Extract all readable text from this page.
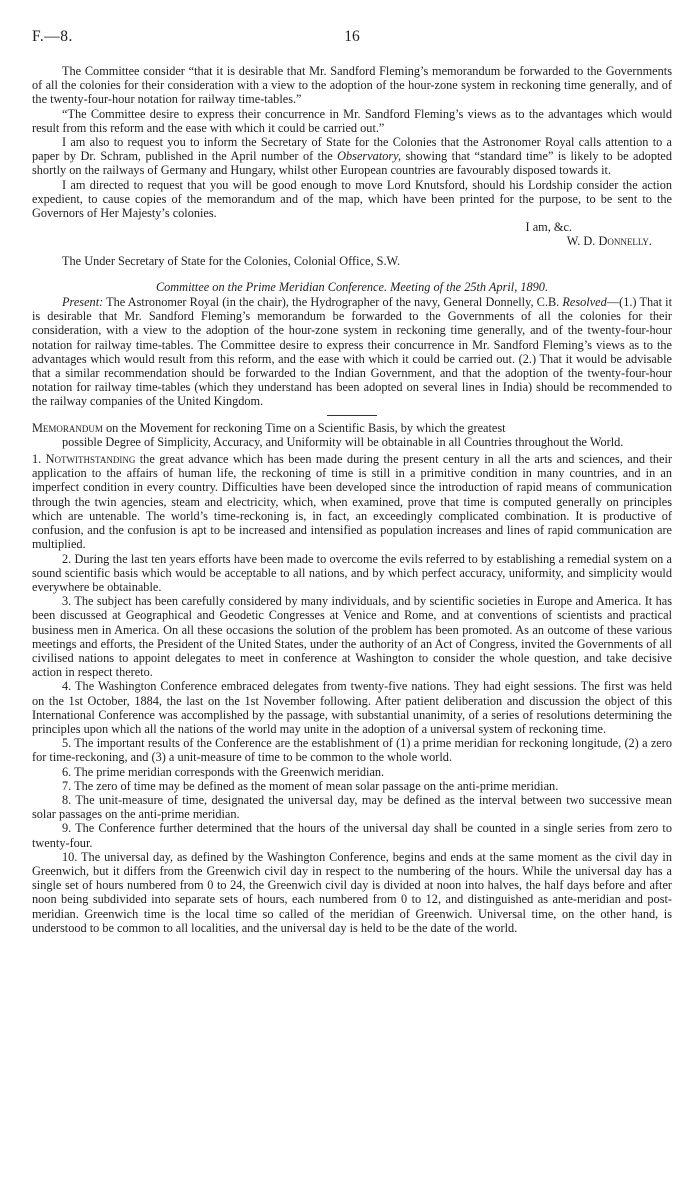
F.—8.	16

The Committee consider “that it is desirable that Mr. Sandford Fleming’s memorandum be forwarded to the Governments of all the colonies for their consideration with a view to the adoption of the hour-zone system in reckoning time generally, and of the twenty-four-hour notation for railway time-tables.”

“The Committee desire to express their concurrence in Mr. Sandford Fleming’s views as to the advantages which would result from this reform and the ease with which it could be carried out.”

I am also to request you to inform the Secretary of State for the Colonies that the Astronomer Royal calls attention to a paper by Dr. Schram, published in the April number of the Observatory, showing that “standard time” is likely to be adopted shortly on the railways of Germany and Hungary, whilst other European countries are favourably disposed towards it.

I am directed to request that you will be good enough to move Lord Knutsford, should his Lordship consider the action expedient, to cause copies of the memorandum and of the map, which have been printed for the purpose, to be sent to the Governors of Her Majesty’s colonies.

I am, &c.

W. D. Donnelly.

The Under Secretary of State for the Colonies, Colonial Office, S.W.

Committee on the Prime Meridian Conference. Meeting of the 25th April, 1890.

Present: The Astronomer Royal (in the chair), the Hydrographer of the navy, General Donnelly, C.B. Resolved—(1.) That it is desirable that Mr. Sandford Fleming’s memorandum be forwarded to the Governments of all the colonies for their consideration, with a view to the adoption of the hour-zone system in reckoning time generally, and of the twenty-four-hour notation for railway time-tables. The Committee desire to express their concurrence in Mr. Sandford Fleming’s views as to the advantages which would result from this reform, and the ease with which it could be carried out. (2.) That it would be advisable that a similar recommendation should be forwarded to the Indian Government, and that the adoption of the twenty-four-hour notation for railway time-tables (which they understand has been adopted on several lines in India) should be recommended to the railway companies of the United Kingdom.

Memorandum on the Movement for reckoning Time on a Scientific Basis, by which the greatest
possible Degree of Simplicity, Accuracy, and Uniformity will be obtainable in all Countries throughout the World.

1. Notwithstanding the great advance which has been made during the present century in all the arts and sciences, and their application to the affairs of human life, the reckoning of time is still in a primitive condition in many countries, and in an imperfect condition in every country. Difficulties have been developed since the introduction of rapid means of communication through the twin agencies, steam and electricity, which, when examined, prove that time is computed generally on principles which are untenable. The world’s time-reckoning is, in fact, an exceedingly complicated combination. It is productive of confusion, and the confusion is apt to be increased and intensified as population increases and lines of rapid communication are multiplied.

2. During the last ten years efforts have been made to overcome the evils referred to by establishing a remedial system on a sound scientific basis which would be acceptable to all nations, and by which perfect accuracy, uniformity, and simplicity would everywhere be obtainable.

3. The subject has been carefully considered by many individuals, and by scientific societies in Europe and America. It has been discussed at Geographical and Geodetic Congresses at Venice and Rome, and at conventions of scientists and practical business men in America. On all these occasions the solution of the problem has been promoted. As an outcome of these various meetings and efforts, the President of the United States, under the authority of an Act of Congress, invited the Governments of all civilised nations to appoint delegates to meet in conference at Washington to consider the whole question, and take decisive action in respect thereto.

4. The Washington Conference embraced delegates from twenty-five nations. They had eight sessions. The first was held on the 1st October, 1884, the last on the 1st November following. After patient deliberation and discussion the object of this International Conference was accomplished by the passage, with substantial unanimity, of a series of resolutions determining the principles upon which all the nations of the world may unite in the adoption of a universal system of reckoning time.

5. The important results of the Conference are the establishment of (1) a prime meridian for reckoning longitude, (2) a zero for time-reckoning, and (3) a unit-measure of time to be common to the whole world.

6. The prime meridian corresponds with the Greenwich meridian.

7. The zero of time may be defined as the moment of mean solar passage on the anti-prime meridian.

8. The unit-measure of time, designated the universal day, may be defined as the interval between two successive mean solar passages on the anti-prime meridian.

9. The Conference further determined that the hours of the universal day shall be counted in a single series from zero to twenty-four.

10. The universal day, as defined by the Washington Conference, begins and ends at the same moment as the civil day in Greenwich, but it differs from the Greenwich civil day in respect to the numbering of the hours. While the universal day has a single set of hours numbered from 0 to 24, the Greenwich civil day is divided at noon into halves, the half days before and after noon being subdivided into separate sets of hours, each numbered from 0 to 12, and distinguished as ante-meridian and post-meridian. Greenwich time is the local time so called of the meridian of Greenwich. Universal time, on the other hand, is understood to be common to all localities, and the universal day is held to be the date of the world.
